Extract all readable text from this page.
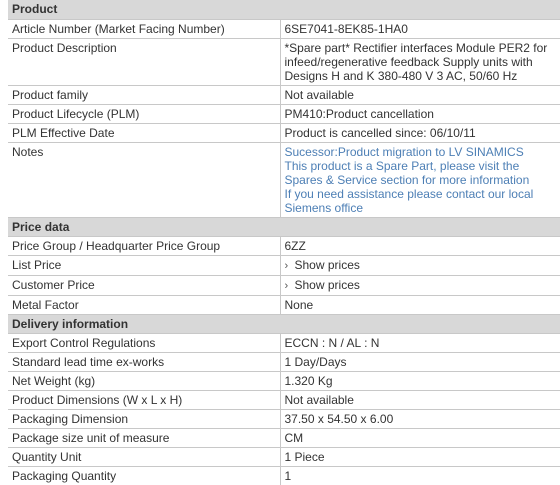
Product	
Article Number (Market Facing Number)	6SE7041-8EK85-1HA0
Product Description	*Spare part* Rectifier interfaces Module PER2 for
infeed/regenerative feedback Supply units with
Designs H and K 380-480 V 3 AC, 50/60 Hz

Product family	Not available
Product Lifecycle (PLM)	PM410:Product cancellation
PLM Effective Date	Product is cancelled since: 06/10/11
Notes	Sucessor:Product migration to LV SINAMICS
This product is a Spare Part, please visit the
Spares & Service section for more information
If you need assistance please contact our local
Siemens office

Price data	
Price Group / Headquarter Price Group	6ZZ
List Price	› Show prices
Customer Price	› Show prices
Metal Factor	None
Delivery information	
Export Control Regulations	ECCN : N / AL : N
Standard lead time ex-works	1 Day/Days
Net Weight (kg)	1.320 Kg
Product Dimensions (W x L x H)	Not available
Packaging Dimension	37.50 x 54.50 x 6.00
Package size unit of measure	CM
Quantity Unit	1 Piece
Packaging Quantity	1
